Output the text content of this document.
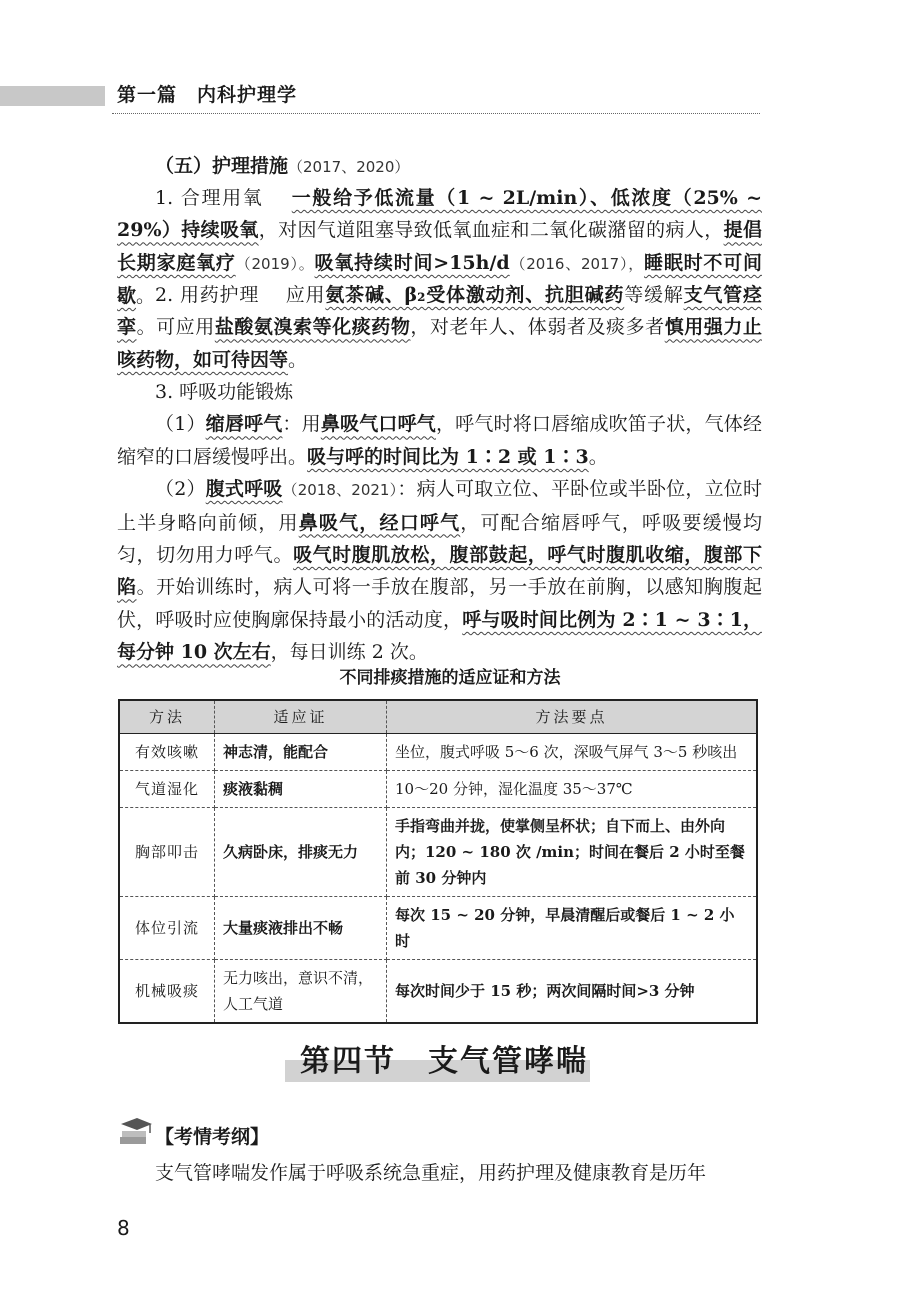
第一篇　内科护理学

（五）护理措施（2017、2020）

1. 合理用氧　 一般给予低流量（1 ~ 2L/min）、低浓度（25% ~ 29%）持续吸氧，对因气道阻塞导致低氧血症和二氧化碳潴留的病人，提倡长期家庭氧疗（2019）。吸氧持续时间>15h/d（2016、2017），睡眠时不可间歇。 2. 用药护理　 应用氨茶碱、β₂受体激动剂、抗胆碱药等缓解支气管痉挛。可应用盐酸氨溴索等化痰药物，对老年人、体弱者及痰多者慎用强力止咳药物，如可待因等。

3. 呼吸功能锻炼

（1）缩唇呼气：用鼻吸气口呼气，呼气时将口唇缩成吹笛子状，气体经缩窄的口唇缓慢呼出。吸与呼的时间比为 1∶2 或 1∶3。

（2）腹式呼吸（2018、2021）：病人可取立位、平卧位或半卧位，立位时上半身略向前倾，用鼻吸气，经口呼气，可配合缩唇呼气，呼吸要缓慢均匀，切勿用力呼气。吸气时腹肌放松，腹部鼓起，呼气时腹肌收缩，腹部下陷。开始训练时，病人可将一手放在腹部，另一手放在前胸，以感知胸腹起伏，呼吸时应使胸廓保持最小的活动度，呼与吸时间比例为 2∶1 ~ 3∶1，每分钟 10 次左右，每日训练 2 次。

不同排痰措施的适应证和方法
方法	适应证	方法要点
有效咳嗽	神志清，能配合	坐位，腹式呼吸 5～6 次，深吸气屏气 3～5 秒咳出
气道湿化	痰液黏稠	10～20 分钟，湿化温度 35～37℃
胸部叩击	久病卧床，排痰无力	手指弯曲并拢，使掌侧呈杯状；自下而上、由外向内；120 ~ 180 次 /min；时间在餐后 2 小时至餐前 30 分钟内
体位引流	大量痰液排出不畅	每次 15 ~ 20 分钟，早晨清醒后或餐后 1 ~ 2 小时
机械吸痰	无力咳出，意识不清，人工气道	每次时间少于 15 秒；两次间隔时间>3 分钟
第四节　支气管哮喘
【考情考纲】

支气管哮喘发作属于呼吸系统急重症，用药护理及健康教育是历年

8
